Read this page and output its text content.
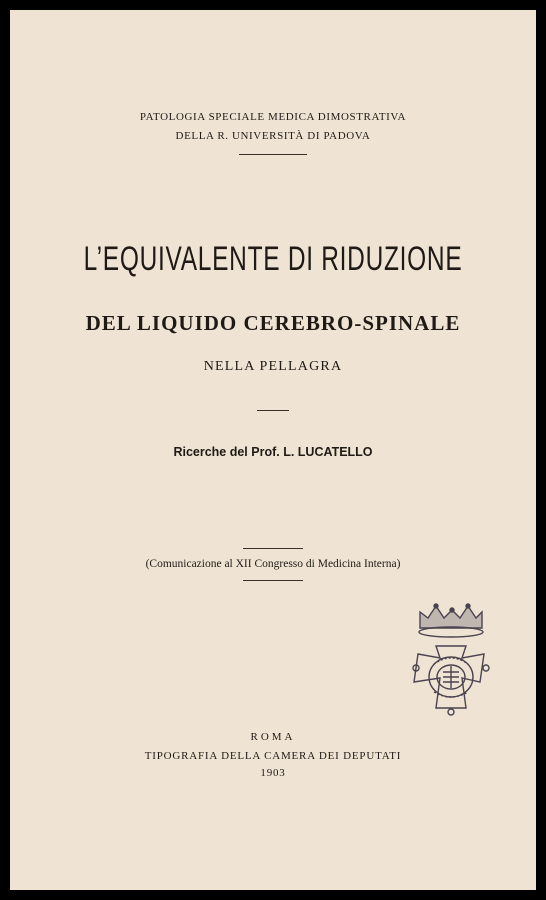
PATOLOGIA SPECIALE MEDICA DIMOSTRATIVA
DELLA R. UNIVERSITÀ DI PADOVA
L’EQUIVALENTE DI RIDUZIONE
DEL LIQUIDO CEREBRO-SPINALE
NELLA PELLAGRA
Ricerche del Prof. L. LUCATELLO
(Comunicazione al XII Congresso di Medicina Interna)
ROMA
TIPOGRAFIA DELLA CAMERA DEI DEPUTATI
1903
